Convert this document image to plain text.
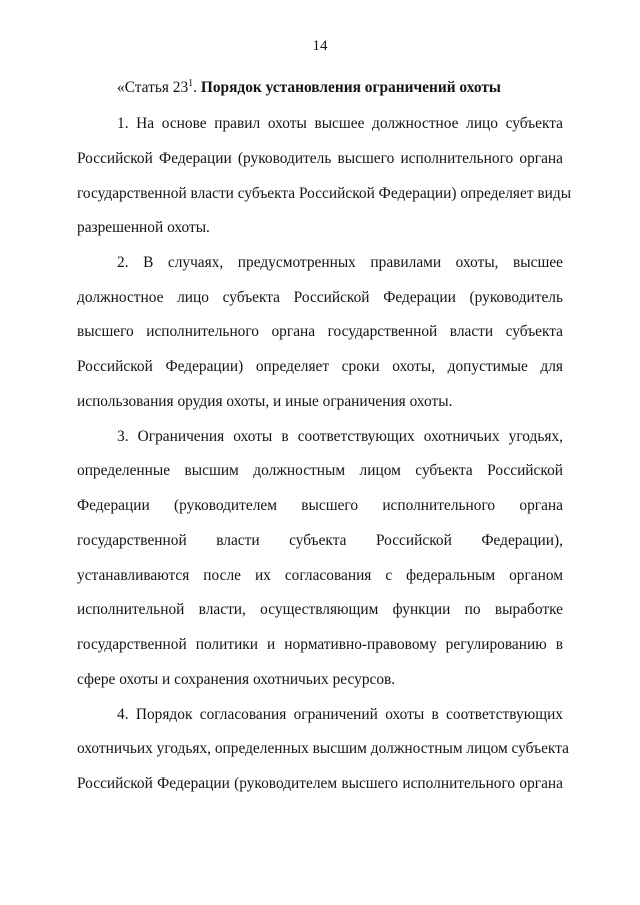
14
«Статья $23^1$. Порядок установления ограничений охоты
1. На основе правил охоты высшее должностное лицо субъекта
Российской Федерации (руководитель высшего исполнительного органа
государственной власти субъекта Российской Федерации) определяет виды
разрешенной охоты.
2. В случаях, предусмотренных правилами охоты, высшее
должностное лицо субъекта Российской Федерации (руководитель
высшего исполнительного органа государственной власти субъекта
Российской Федерации) определяет сроки охоты, допустимые для
использования орудия охоты, и иные ограничения охоты.
3. Ограничения охоты в соответствующих охотничьих угодьях,
определенные высшим должностным лицом субъекта Российской
Федерации (руководителем высшего исполнительного органа
государственной власти субъекта Российской Федерации),
устанавливаются после их согласования с федеральным органом
исполнительной власти, осуществляющим функции по выработке
государственной политики и нормативно-правовому регулированию в
сфере охоты и сохранения охотничьих ресурсов.
4. Порядок согласования ограничений охоты в соответствующих
охотничьих угодьях, определенных высшим должностным лицом субъекта
Российской Федерации (руководителем высшего исполнительного органа
